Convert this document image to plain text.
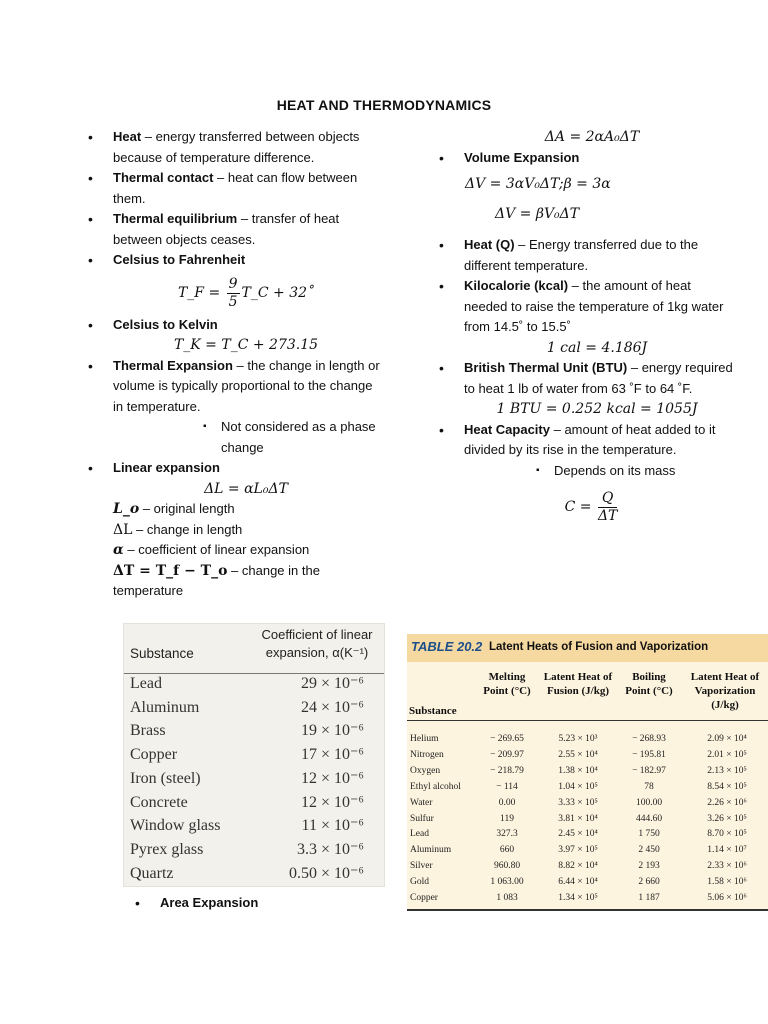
HEAT AND THERMODYNAMICS
• Heat – energy transferred between objects because of temperature difference.
• Thermal contact – heat can flow between them.
• Thermal equilibrium – transfer of heat between objects ceases.
• Celsius to Fahrenheit
T_F = $\frac{9}{5}$ T_C + 32˚
• Celsius to Kelvin
T_K = T_C + 273.15
• Thermal Expansion – the change in length or volume is typically proportional to the change in temperature.
▪ Not considered as a phase change
• Linear expansion
ΔL = αL₀ΔT
L_o – original length
ΔL – change in length
α – coefficient of linear expansion
ΔT = T_f − T_o – change in the temperature
Substance
Coefficient of linear expansion, α(K⁻¹)
Lead	29 × 10⁻⁶
Aluminum	24 × 10⁻⁶
Brass	19 × 10⁻⁶
Copper	17 × 10⁻⁶
Iron (steel)	12 × 10⁻⁶
Concrete	12 × 10⁻⁶
Window glass	11 × 10⁻⁶
Pyrex glass	3.3 × 10⁻⁶
Quartz	0.50 × 10⁻⁶
• Area Expansion
ΔA = 2αA₀ΔT
• Volume Expansion
ΔV = 3αV₀ΔT;β = 3α
ΔV = βV₀ΔT
• Heat (Q) – Energy transferred due to the different temperature.
• Kilocalorie (kcal) – the amount of heat needed to raise the temperature of 1kg water from 14.5˚ to 15.5˚
1 cal = 4.186J
• British Thermal Unit (BTU) – energy required to heat 1 lb of water from 63 ˚F to 64 ˚F.
1 BTU = 0.252 kcal = 1055J
• Heat Capacity – amount of heat added to it divided by its rise in the temperature.
▪ Depends on its mass
$C = \frac{Q}{\Delta T}$
TABLE 20.2 Latent Heats of Fusion and Vaporization
Substance
Melting Point (°C)
Latent Heat of Fusion (J/kg)
Boiling Point (°C)
Latent Heat of Vaporization (J/kg)
Helium	− 269.65	5.23 × 10³	− 268.93	2.09 × 10⁴
Nitrogen	− 209.97	2.55 × 10⁴	− 195.81	2.01 × 10⁵
Oxygen	− 218.79	1.38 × 10⁴	− 182.97	2.13 × 10⁵
Ethyl alcohol	− 114	1.04 × 10⁵	78	8.54 × 10⁵
Water	0.00	3.33 × 10⁵	100.00	2.26 × 10⁶
Sulfur	119	3.81 × 10⁴	444.60	3.26 × 10⁵
Lead	327.3	2.45 × 10⁴	1 750	8.70 × 10⁵
Aluminum	660	3.97 × 10⁵	2 450	1.14 × 10⁷
Silver	960.80	8.82 × 10⁴	2 193	2.33 × 10⁶
Gold	1 063.00	6.44 × 10⁴	2 660	1.58 × 10⁶
Copper	1 083	1.34 × 10⁵	1 187	5.06 × 10⁶
